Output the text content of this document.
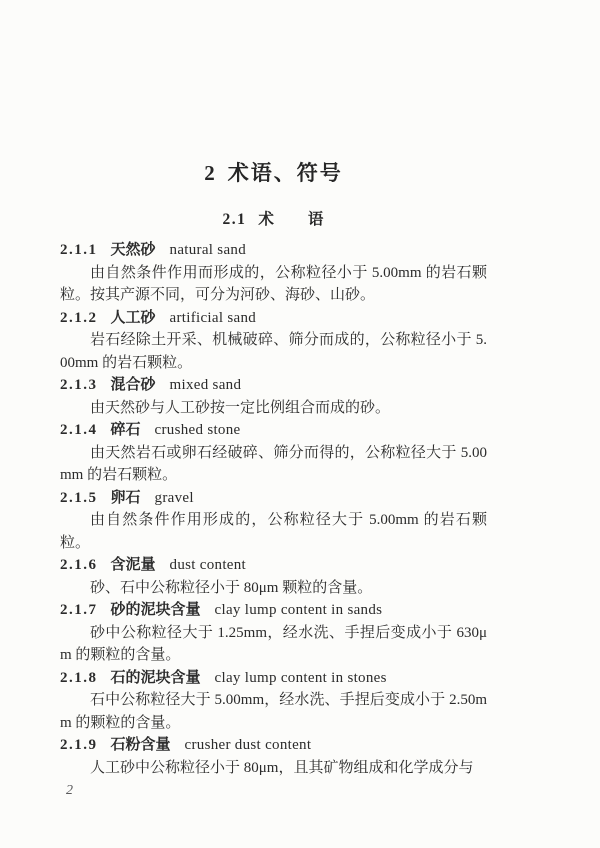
2 术语、符号
2.1 术　　语
2.1.1 天然砂 natural sand

由自然条件作用而形成的，公称粒径小于 5.00mm 的岩石颗粒。按其产源不同，可分为河砂、海砂、山砂。

2.1.2 人工砂 artificial sand

岩石经除土开采、机械破碎、筛分而成的，公称粒径小于 5.00mm 的岩石颗粒。

2.1.3 混合砂 mixed sand

由天然砂与人工砂按一定比例组合而成的砂。

2.1.4 碎石 crushed stone

由天然岩石或卵石经破碎、筛分而得的，公称粒径大于 5.00mm 的岩石颗粒。

2.1.5 卵石 gravel

由自然条件作用形成的，公称粒径大于 5.00mm 的岩石颗粒。

2.1.6 含泥量 dust content

砂、石中公称粒径小于 80μm 颗粒的含量。

2.1.7 砂的泥块含量 clay lump content in sands

砂中公称粒径大于 1.25mm，经水洗、手捏后变成小于 630μm 的颗粒的含量。

2.1.8 石的泥块含量 clay lump content in stones

石中公称粒径大于 5.00mm，经水洗、手捏后变成小于 2.50mm 的颗粒的含量。

2.1.9 石粉含量 crusher dust content

人工砂中公称粒径小于 80μm，且其矿物组成和化学成分与

2
